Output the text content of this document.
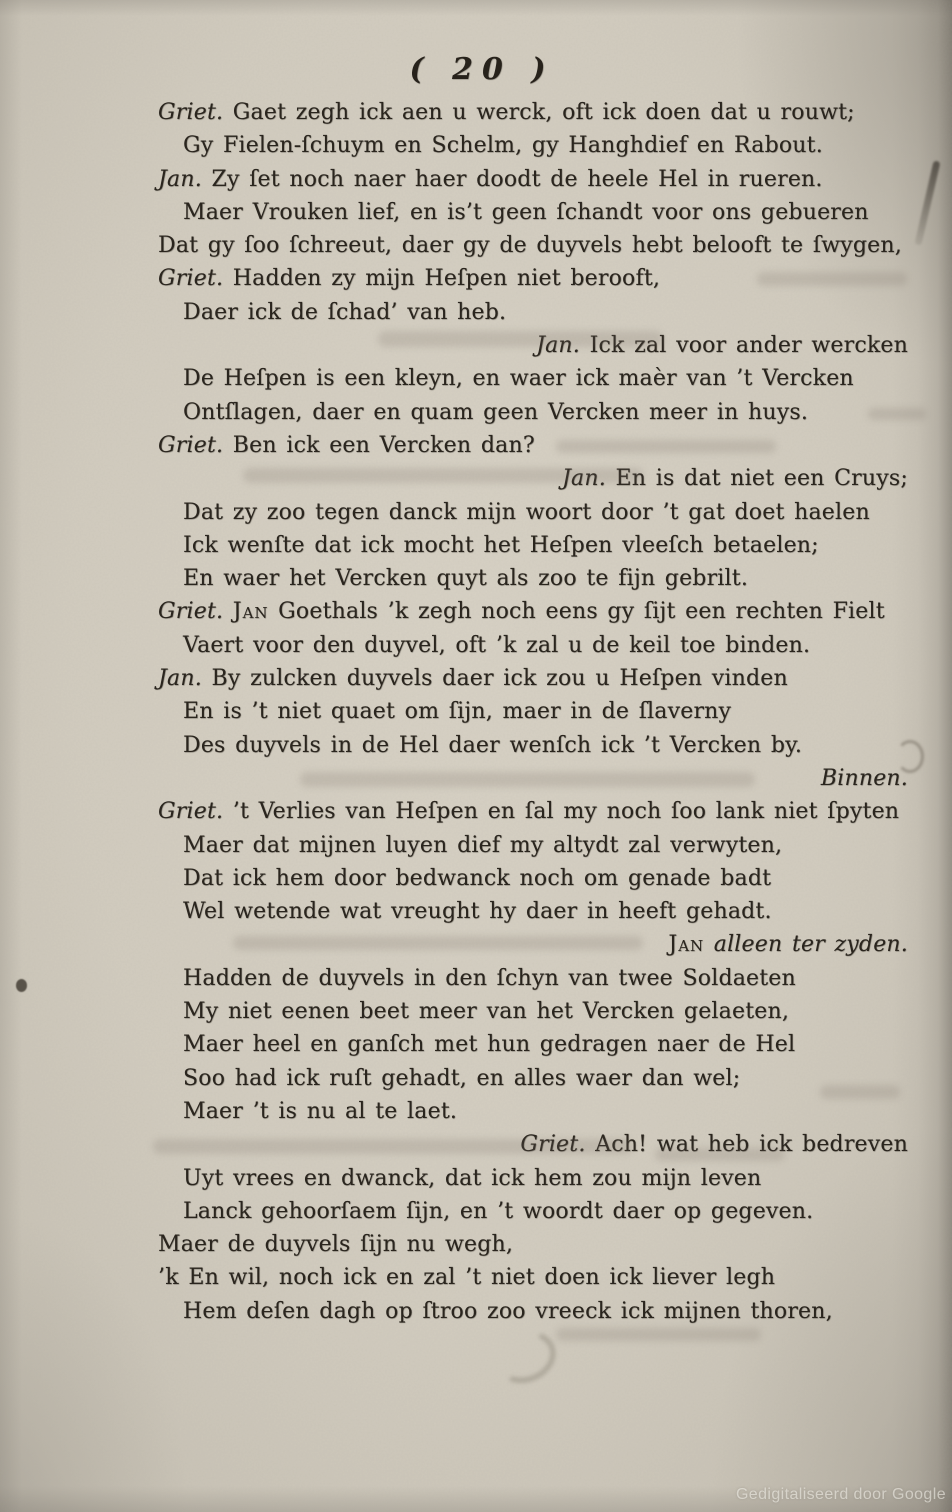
( 20 )
Griet. Gaet zegh ick aen u werck, oft ick doen dat u rouwt;
Gy Fielen-ſchuym en Schelm, gy Hanghdief en Rabout.
Jan. Zy ſet noch naer haer doodt de heele Hel in rueren.
Maer Vrouken lief, en is’t geen ſchandt voor ons gebueren
Dat gy ſoo ſchreeut, daer gy de duyvels hebt belooft te ſwygen,
Griet. Hadden zy mijn Heſpen niet berooft,
Daer ick de ſchad’ van heb.
Jan. Ick zal voor ander wercken
De Heſpen is een kleyn, en waer ick maèr van ’t Vercken
Ontſlagen, daer en quam geen Vercken meer in huys.
Griet. Ben ick een Vercken dan?
Jan. En is dat niet een Cruys;
Dat zy zoo tegen danck mijn woort door ’t gat doet haelen
Ick wenſte dat ick mocht het Heſpen vleeſch betaelen;
En waer het Vercken quyt als zoo te fijn gebrilt.
Griet. Jan Goethals ’k zegh noch eens gy ſijt een rechten Fielt
Vaert voor den duyvel, oft ’k zal u de keil toe binden.
Jan. By zulcken duyvels daer ick zou u Heſpen vinden
En is ’t niet quaet om ſijn, maer in de ſlaverny
Des duyvels in de Hel daer wenſch ick ’t Vercken by.
Binnen.
Griet. ’t Verlies van Heſpen en ſal my noch ſoo lank niet ſpyten
Maer dat mijnen luyen dief my altydt zal verwyten,
Dat ick hem door bedwanck noch om genade badt
Wel wetende wat vreught hy daer in heeft gehadt.
Jan alleen ter zyden.
Hadden de duyvels in den ſchyn van twee Soldaeten
My niet eenen beet meer van het Vercken gelaeten,
Maer heel en ganſch met hun gedragen naer de Hel
Soo had ick ruſt gehadt, en alles waer dan wel;
Maer ’t is nu al te laet.
Griet. Ach! wat heb ick bedreven
Uyt vrees en dwanck, dat ick hem zou mijn leven
Lanck gehoorſaem ſijn, en ’t woordt daer op gegeven.
Maer de duyvels ſijn nu wegh,
’k En wil, noch ick en zal ’t niet doen ick liever legh
Hem deſen dagh op ſtroo zoo vreeck ick mijnen thoren,
Gedigitaliseerd door Google
